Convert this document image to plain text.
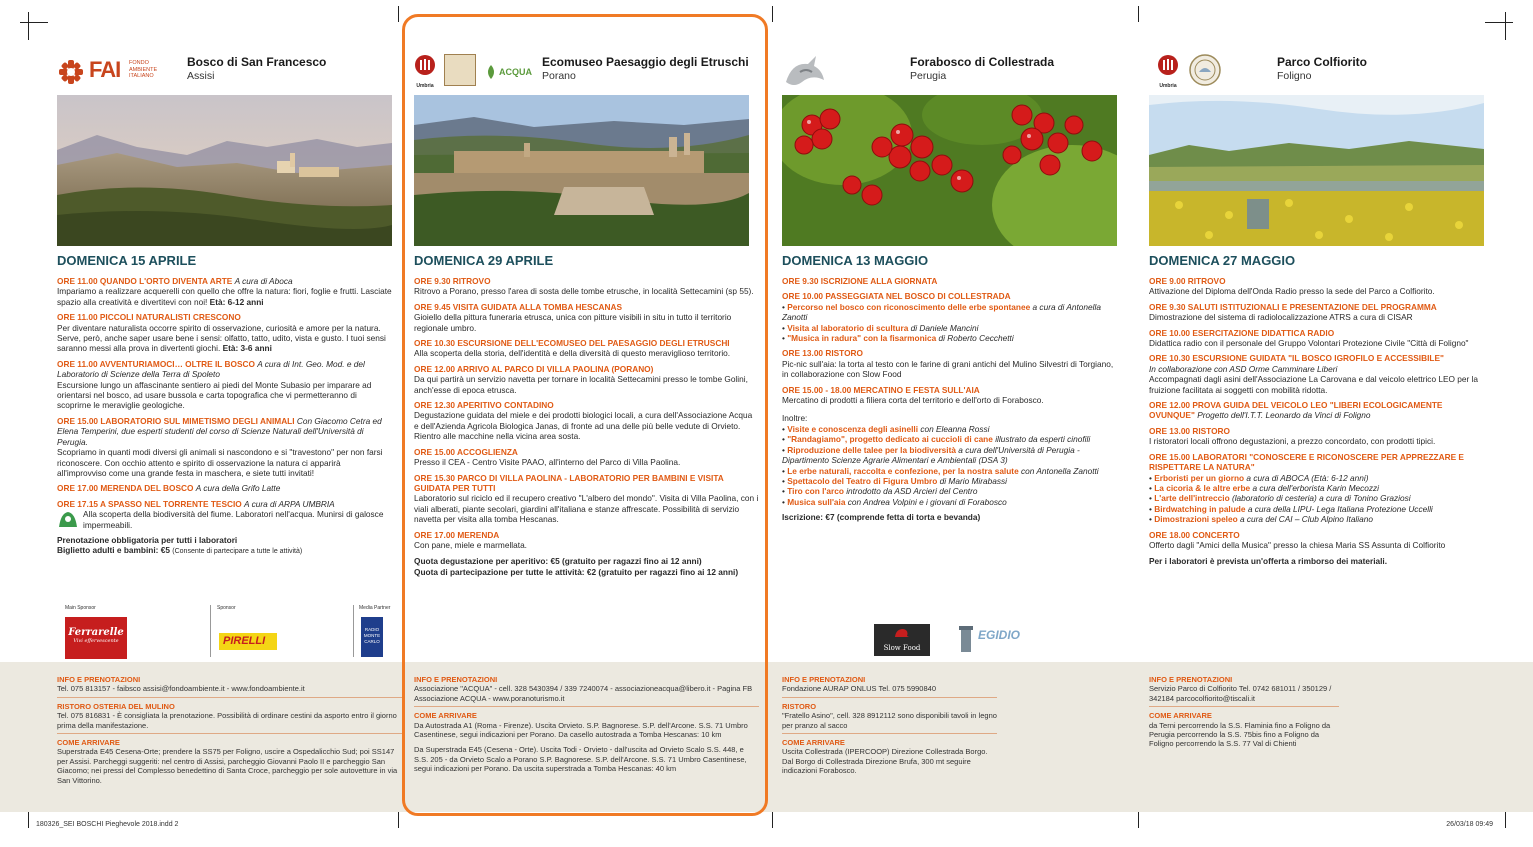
FAI FONDO AMBIENTE ITALIANO
Bosco di San Francesco
Assisi
DOMENICA 15 APRILE
ORE 11.00 QUANDO L'ORTO DIVENTA ARTE A cura di Aboca
Impariamo a realizzare acquerelli con quello che offre la natura: fiori, foglie e frutti. Lasciate spazio alla creatività e divertitevi con noi! Età: 6-12 anni
ORE 11.00 PICCOLI NATURALISTI CRESCONO
Per diventare naturalista occorre spirito di osservazione, curiosità e amore per la natura. Serve, però, anche saper usare bene i sensi: olfatto, tatto, udito, vista e gusto. I tuoi sensi saranno messi alla prova in divertenti giochi. Età: 3-6 anni
ORE 11.00 AVVENTURIAMOCI… OLTRE IL BOSCO A cura di Int. Geo. Mod. e del Laboratorio di Scienze della Terra di Spoleto
Escursione lungo un affascinante sentiero ai piedi del Monte Subasio per imparare ad orientarsi nel bosco, ad usare bussola e carta topografica che vi permetteranno di scoprirne le meraviglie geologiche.
ORE 15.00 LABORATORIO SUL MIMETISMO DEGLI ANIMALI Con Giacomo Cetra ed Elena Temperini, due esperti studenti del corso di Scienze Naturali dell'Università di Perugia.
Scopriamo in quanti modi diversi gli animali si nascondono e si "travestono" per non farsi riconoscere. Con occhio attento e spirito di osservazione la natura ci apparirà all'improvviso come una grande festa in maschera, e siete tutti invitati!
ORE 17.00 MERENDA DEL BOSCO A cura della Grifo Latte
ORE 17.15 A SPASSO NEL TORRENTE TESCIO A cura di ARPA UMBRIA

Alla scoperta della biodiversità del fiume. Laboratori nell'acqua. Munirsi di galosce impermeabili.
Prenotazione obbligatoria per tutti i laboratori
Biglietto adulti e bambini: €5 (Consente di partecipare a tutte le attività)
Main Sponsor
Ferrarelle
Vivi effervescente
Sponsor
PIRELLI
Media Partner
RADIO MONTE CARLO
Umbria
ACQUA
Ecomuseo Paesaggio degli Etruschi
Porano
DOMENICA 29 APRILE
ORE 9.30 RITROVO
Ritrovo a Porano, presso l'area di sosta delle tombe etrusche, in località Settecamini (sp 55).
ORE 9.45 VISITA GUIDATA ALLA TOMBA HESCANAS
Gioiello della pittura funeraria etrusca, unica con pitture visibili in situ in tutto il territorio regionale umbro.
ORE 10.30 ESCURSIONE DELL'ECOMUSEO DEL PAESAGGIO DEGLI ETRUSCHI
Alla scoperta della storia, dell'identità e della diversità di questo meraviglioso territorio.
ORE 12.00 ARRIVO AL PARCO DI VILLA PAOLINA (PORANO)
Da qui partirà un servizio navetta per tornare in località Settecamini presso le tombe Golini, anch'esse di epoca etrusca.
ORE 12.30 APERITIVO CONTADINO
Degustazione guidata del miele e dei prodotti biologici locali, a cura dell'Associazione Acqua e dell'Azienda Agricola Biologica Janas, di fronte ad una delle più belle vedute di Orvieto. Rientro alle macchine nella vicina area sosta.
ORE 15.00 ACCOGLIENZA
Presso il CEA - Centro Visite PAAO, all'interno del Parco di Villa Paolina.
ORE 15.30 PARCO DI VILLA PAOLINA - LABORATORIO PER BAMBINI E VISITA GUIDATA PER TUTTI
Laboratorio sul riciclo ed il recupero creativo "L'albero del mondo". Visita di Villa Paolina, con i viali alberati, piante secolari, giardini all'italiana e stanze affrescate. Possibilità di servizio navetta per visita alla tomba Hescanas.
ORE 17.00 MERENDA
Con pane, miele e marmellata.
Quota degustazione per aperitivo: €5 (gratuito per ragazzi fino ai 12 anni)
Quota di partecipazione per tutte le attività: €2 (gratuito per ragazzi fino ai 12 anni)
Forabosco di Collestrada
Perugia
DOMENICA 13 MAGGIO
ORE 9.30 ISCRIZIONE ALLA GIORNATA
ORE 10.00 PASSEGGIATA NEL BOSCO DI COLLESTRADA

• Percorso nel bosco con riconoscimento delle erbe spontanee a cura di Antonella Zanotti
• Visita al laboratorio di scultura di Daniele Mancini
• "Musica in radura" con la fisarmonica di Roberto Cecchetti
ORE 13.00 RISTORO
Pic-nic sull'aia: la torta al testo con le farine di grani antichi del Mulino Silvestri di Torgiano, in collaborazione con Slow Food
ORE 15.00 - 18.00 MERCATINO E FESTA SULL'AIA
Mercatino di prodotti a filiera corta del territorio e dell'orto di Forabosco.
Inoltre:
• Visite e conoscenza degli asinelli con Eleanna Rossi
• "Randagiamo", progetto dedicato ai cuccioli di cane illustrato da esperti cinofili
• Riproduzione delle talee per la biodiversità a cura dell'Università di Perugia - Dipartimento Scienze Agrarie Alimentari e Ambientali (DSA 3)
• Le erbe naturali, raccolta e confezione, per la nostra salute con Antonella Zanotti
• Spettacolo del Teatro di Figura Umbro di Mario Mirabassi
• Tiro con l'arco introdotto da ASD Arcieri del Centro
• Musica sull'aia con Andrea Volpini e i giovani di Forabosco
Iscrizione: €7 (comprende fetta di torta e bevanda)
Slow Food
EGIDIO
Umbria
Parco Colfiorito
Foligno
DOMENICA 27 MAGGIO
ORE 9.00 RITROVO
Attivazione del Diploma dell'Onda Radio presso la sede del Parco a Colfiorito.
ORE 9.30 SALUTI ISTITUZIONALI E PRESENTAZIONE DEL PROGRAMMA
Dimostrazione del sistema di radiolocalizzazione ATRS a cura di CISAR
ORE 10.00 ESERCITAZIONE DIDATTICA RADIO
Didattica radio con il personale del Gruppo Volontari Protezione Civile "Città di Foligno"
ORE 10.30 ESCURSIONE GUIDATA "IL BOSCO IGROFILO E ACCESSIBILE"
In collaborazione con ASD Orme Camminare Liberi
Accompagnati dagli asini dell'Associazione La Carovana e dal veicolo elettrico LEO per la fruizione facilitata ai soggetti con mobilità ridotta.
ORE 12.00 PROVA GUIDA DEL VEICOLO LEO "LIBERI ECOLOGICAMENTE OVUNQUE" Progetto dell'I.T.T. Leonardo da Vinci di Foligno
ORE 13.00 RISTORO
I ristoratori locali offrono degustazioni, a prezzo concordato, con prodotti tipici.
ORE 15.00 LABORATORI "CONOSCERE E RICONOSCERE PER APPREZZARE E RISPETTARE LA NATURA"

• Erboristi per un giorno a cura di ABOCA (Età: 6-12 anni)
• La cicoria & le altre erbe a cura dell'erborista Karin Mecozzi
• L'arte dell'intreccio (laboratorio di cesteria) a cura di Tonino Graziosi
• Birdwatching in palude a cura della LIPU- Lega Italiana Protezione Uccelli
• Dimostrazioni speleo a cura del CAI – Club Alpino Italiano
ORE 18.00 CONCERTO
Offerto dagli "Amici della Musica" presso la chiesa Maria SS Assunta di Colfiorito
Per i laboratori è prevista un'offerta a rimborso dei materiali.
INFO E PRENOTAZIONI
Tel. 075 813157 - faibsco assisi@fondoambiente.it - www.fondoambiente.it
RISTORO OSTERIA DEL MULINO
Tel. 075 816831 - È consigliata la prenotazione. Possibilità di ordinare cestini da asporto entro il giorno prima della manifestazione.
COME ARRIVARE
Superstrada E45 Cesena-Orte; prendere la SS75 per Foligno, uscire a Ospedalicchio Sud; poi SS147 per Assisi. Parcheggi suggeriti: nel centro di Assisi, parcheggio Giovanni Paolo II e parcheggio San Giacomo; nei pressi del Complesso benedettino di Santa Croce, parcheggio per sole autovetture in via San Vittorino.
INFO E PRENOTAZIONI
Associazione "ACQUA" - cell. 328 5430394 / 339 7240074 - associazioneacqua@libero.it - Pagina FB Associazione ACQUA - www.poranoturismo.it
COME ARRIVARE
Da Autostrada A1 (Roma - Firenze). Uscita Orvieto. S.P. Bagnorese. S.P. dell'Arcone. S.S. 71 Umbro Casentinese, segui indicazioni per Porano. Da casello autostrada a Tomba Hescanas: 10 km
Da Superstrada E45 (Cesena - Orte). Uscita Todi - Orvieto - dall'uscita ad Orvieto Scalo S.S. 448, e S.S. 205 - da Orvieto Scalo a Porano S.P. Bagnorese. S.P. dell'Arcone. S.S. 71 Umbro Casentinese, segui indicazioni per Porano. Da uscita superstrada a Tomba Hescanas: 40 km
INFO E PRENOTAZIONI
Fondazione AURAP ONLUS Tel. 075 5990840
RISTORO
"Fratello Asino", cell. 328 8912112 sono disponibili tavoli in legno per pranzo al sacco
COME ARRIVARE
Uscita Collestrada (IPERCOOP) Direzione Collestrada Borgo. Dal Borgo di Collestrada Direzione Brufa, 300 mt seguire indicazioni Forabosco.
INFO E PRENOTAZIONI
Servizio Parco di Colfiorito Tel. 0742 681011 / 350129 / 342184 parcocolfiorito@tiscali.it
COME ARRIVARE
da Terni percorrendo la S.S. Flaminia fino a Foligno da Perugia percorrendo la S.S. 75bis fino a Foligno da Foligno percorrendo la S.S. 77 Val di Chienti
180326_SEI BOSCHI Pieghevole 2018.indd 2	26/03/18 09:49
